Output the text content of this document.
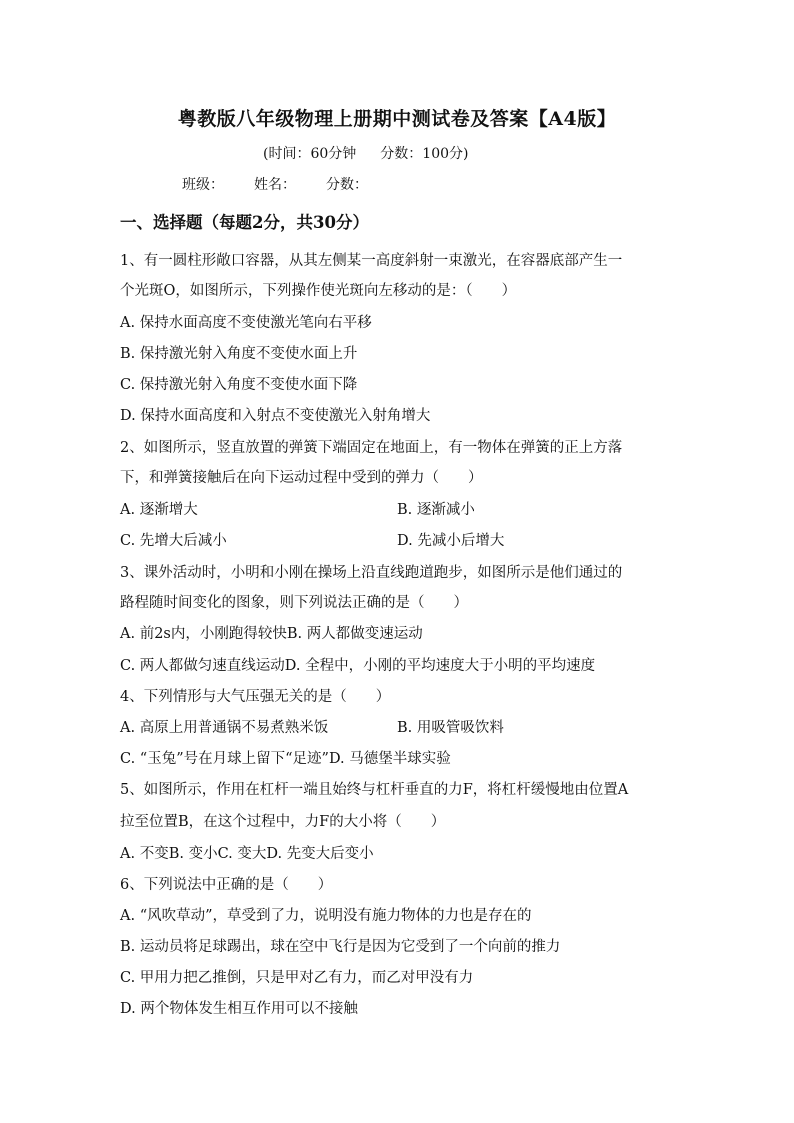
粤教版八年级物理上册期中测试卷及答案【A4版】
(时间：60分钟 分数：100分)
班级： 姓名： 分数：
一、选择题（每题2分，共30分）
1、有一圆柱形敞口容器，从其左侧某一高度斜射一束激光，在容器底部产生一
个光斑O，如图所示，下列操作使光斑向左移动的是：（　　）
A. 保持水面高度不变使激光笔向右平移
B. 保持激光射入角度不变使水面上升
C. 保持激光射入角度不变使水面下降
D. 保持水面高度和入射点不变使激光入射角增大
2、如图所示，竖直放置的弹簧下端固定在地面上，有一物体在弹簧的正上方落
下，和弹簧接触后在向下运动过程中受到的弹力（　　）
A. 逐渐增大	B. 逐渐减小
C. 先增大后减小	D. 先减小后增大
3、课外活动时，小明和小刚在操场上沿直线跑道跑步，如图所示是他们通过的
路程随时间变化的图象，则下列说法正确的是（　　）
A. 前2s内，小刚跑得较快B. 两人都做变速运动
C. 两人都做匀速直线运动D. 全程中，小刚的平均速度大于小明的平均速度
4、下列情形与大气压强无关的是（　　）
A. 高原上用普通锅不易煮熟米饭	B. 用吸管吸饮料
C. “玉兔”号在月球上留下“足迹”D. 马德堡半球实验
5、如图所示，作用在杠杆一端且始终与杠杆垂直的力F，将杠杆缓慢地由位置A
拉至位置B，在这个过程中，力F的大小将（　　）
A. 不变B. 变小C. 变大D. 先变大后变小
6、下列说法中正确的是（　　）
A. “风吹草动”，草受到了力，说明没有施力物体的力也是存在的
B. 运动员将足球踢出，球在空中飞行是因为它受到了一个向前的推力
C. 甲用力把乙推倒，只是甲对乙有力，而乙对甲没有力
D. 两个物体发生相互作用可以不接触
